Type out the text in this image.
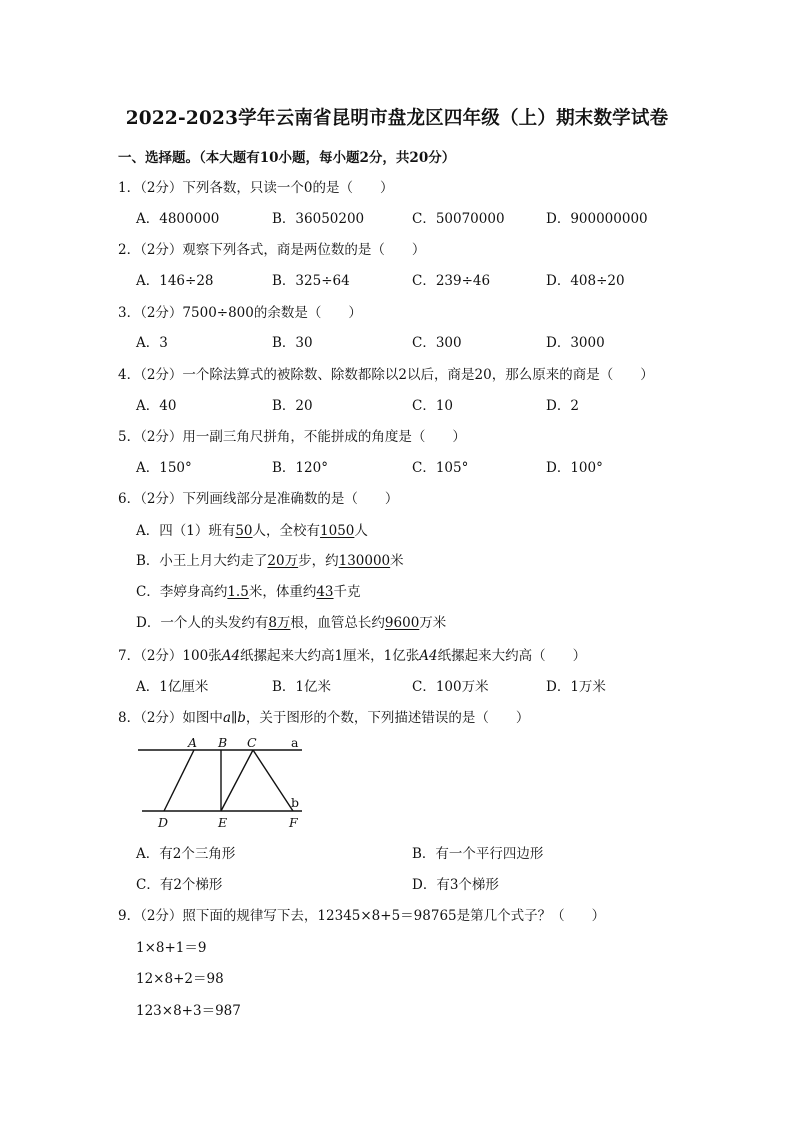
2022-2023学年云南省昆明市盘龙区四年级（上）期末数学试卷
一、选择题。（本大题有10小题，每小题2分，共20分）
1．（2分）下列各数，只读一个0的是（　　）
A．4800000	B．36050200	C．50070000	D．900000000
2．（2分）观察下列各式，商是两位数的是（　　）
A．146÷28	B．325÷64	C．239÷46	D．408÷20
3．（2分）7500÷800的余数是（　　）
A．3	B．30	C．300	D．3000
4．（2分）一个除法算式的被除数、除数都除以2以后，商是20，那么原来的商是（　　）
A．40	B．20	C．10	D．2
5．（2分）用一副三角尺拼角，不能拼成的角度是（　　）
A．150°	B．120°	C．105°	D．100°
6．（2分）下列画线部分是准确数的是（　　）
A．四（1）班有50人，全校有1050人
B．小王上月大约走了20万步，约130000米
C．李婷身高约1.5米，体重约43千克
D．一个人的头发约有8万根，血管总长约9600万米
7．（2分）100张A4纸摞起来大约高1厘米，1亿张A4纸摞起来大约高（　　）
A．1亿厘米	B．1亿米	C．100万米	D．1万米
8．（2分）如图中a∥b，关于图形的个数，下列描述错误的是（　　）
A B C	a
b
D	E	F
A．有2个三角形	B．有一个平行四边形
C．有2个梯形	D．有3个梯形
9．（2分）照下面的规律写下去，12345×8+5＝98765是第几个式子？（　　）
1×8+1＝9
12×8+2＝98
123×8+3＝987
